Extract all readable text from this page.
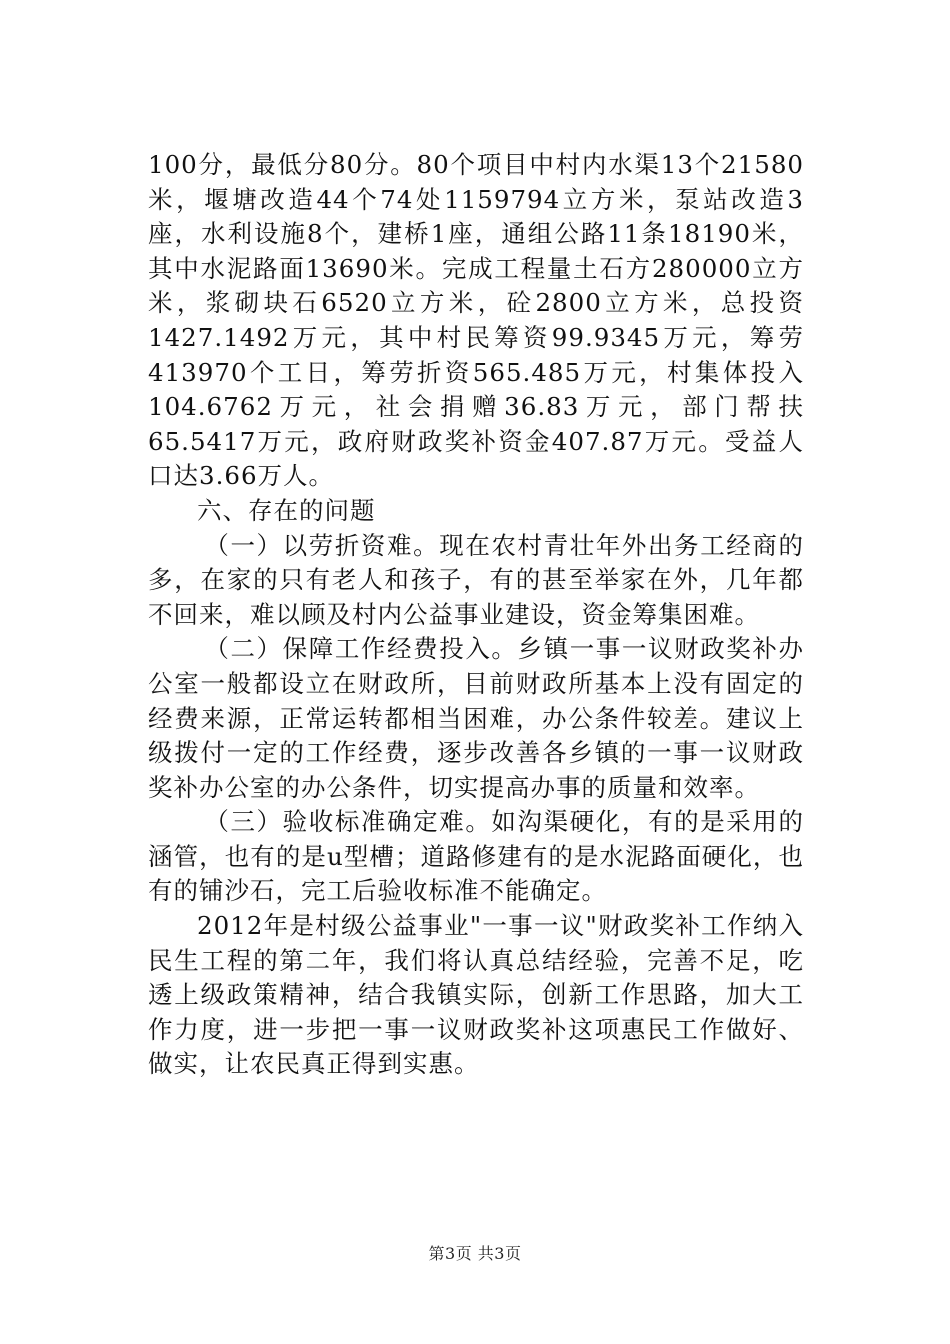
100分，最低分80分。80个项目中村内水渠13个21580米，堰塘改造44个74处1159794立方米，泵站改造3座，水利设施8个，建桥1座，通组公路11条18190米，其中水泥路面13690米。完成工程量土石方280000立方米，浆砌块石6520立方米，砼2800立方米，总投资1427.1492万元，其中村民筹资99.9345万元，筹劳413970个工日，筹劳折资565.485万元，村集体投入104.6762万元，社会捐赠36.83万元，部门帮扶65.5417万元，政府财政奖补资金407.87万元。受益人口达3.66万人。

六、存在的问题

（一）以劳折资难。现在农村青壮年外出务工经商的多，在家的只有老人和孩子，有的甚至举家在外，几年都不回来，难以顾及村内公益事业建设，资金筹集困难。

（二）保障工作经费投入。乡镇一事一议财政奖补办公室一般都设立在财政所，目前财政所基本上没有固定的经费来源，正常运转都相当困难，办公条件较差。建议上级拨付一定的工作经费，逐步改善各乡镇的一事一议财政奖补办公室的办公条件，切实提高办事的质量和效率。

（三）验收标准确定难。如沟渠硬化，有的是采用的涵管，也有的是u型槽；道路修建有的是水泥路面硬化，也有的铺沙石，完工后验收标准不能确定。

2012年是村级公益事业"一事一议"财政奖补工作纳入民生工程的第二年，我们将认真总结经验，完善不足，吃透上级政策精神，结合我镇实际，创新工作思路，加大工作力度，进一步把一事一议财政奖补这项惠民工作做好、做实，让农民真正得到实惠。

第3页 共3页
